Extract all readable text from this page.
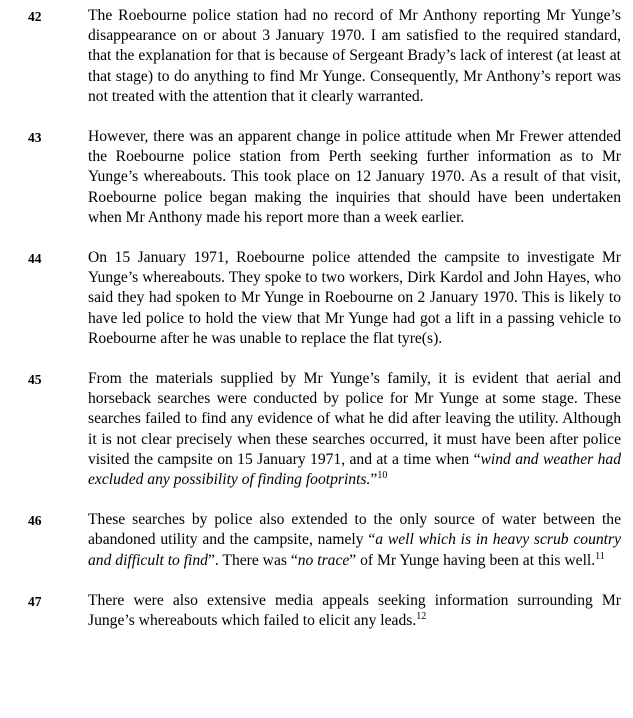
42	The Roebourne police station had no record of Mr Anthony reporting Mr Yunge’s disappearance on or about 3 January 1970. I am satisfied to the required standard, that the explanation for that is because of Sergeant Brady’s lack of interest (at least at that stage) to do anything to find Mr Yunge. Consequently, Mr Anthony’s report was not treated with the attention that it clearly warranted.
43	However, there was an apparent change in police attitude when Mr Frewer attended the Roebourne police station from Perth seeking further information as to Mr Yunge’s whereabouts. This took place on 12 January 1970. As a result of that visit, Roebourne police began making the inquiries that should have been undertaken when Mr Anthony made his report more than a week earlier.
44	On 15 January 1971, Roebourne police attended the campsite to investigate Mr Yunge’s whereabouts. They spoke to two workers, Dirk Kardol and John Hayes, who said they had spoken to Mr Yunge in Roebourne on 2 January 1970. This is likely to have led police to hold the view that Mr Yunge had got a lift in a passing vehicle to Roebourne after he was unable to replace the flat tyre(s).
45	From the materials supplied by Mr Yunge’s family, it is evident that aerial and horseback searches were conducted by police for Mr Yunge at some stage. These searches failed to find any evidence of what he did after leaving the utility. Although it is not clear precisely when these searches occurred, it must have been after police visited the campsite on 15 January 1971, and at a time when “wind and weather had excluded any possibility of finding footprints.”$^{10}$
46	These searches by police also extended to the only source of water between the abandoned utility and the campsite, namely “a well which is in heavy scrub country and difficult to find”. There was “no trace” of Mr Yunge having been at this well.$^{11}$
47	There were also extensive media appeals seeking information surrounding Mr Junge’s whereabouts which failed to elicit any leads.$^{12}$
